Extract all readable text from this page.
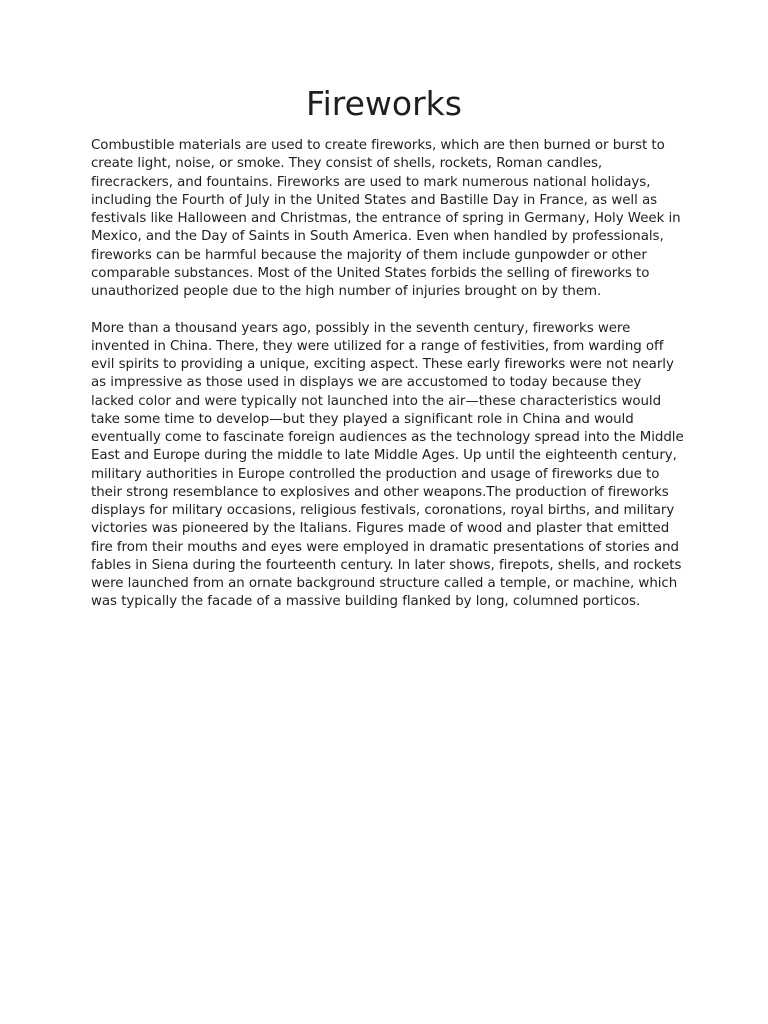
Fireworks

Combustible materials are used to create fireworks, which are then burned or burst to create light, noise, or smoke. They consist of shells, rockets, Roman candles, firecrackers, and fountains. Fireworks are used to mark numerous national holidays, including the Fourth of July in the United States and Bastille Day in France, as well as festivals like Halloween and Christmas, the entrance of spring in Germany, Holy Week in Mexico, and the Day of Saints in South America. Even when handled by professionals, fireworks can be harmful because the majority of them include gunpowder or other comparable substances. Most of the United States forbids the selling of fireworks to unauthorized people due to the high number of injuries brought on by them.

More than a thousand years ago, possibly in the seventh century, fireworks were invented in China. There, they were utilized for a range of festivities, from warding off evil spirits to providing a unique, exciting aspect. These early fireworks were not nearly as impressive as those used in displays we are accustomed to today because they lacked color and were typically not launched into the air—these characteristics would take some time to develop—but they played a significant role in China and would eventually come to fascinate foreign audiences as the technology spread into the Middle East and Europe during the middle to late Middle Ages. Up until the eighteenth century, military authorities in Europe controlled the production and usage of fireworks due to their strong resemblance to explosives and other weapons.The production of fireworks displays for military occasions, religious festivals, coronations, royal births, and military victories was pioneered by the Italians. Figures made of wood and plaster that emitted fire from their mouths and eyes were employed in dramatic presentations of stories and fables in Siena during the fourteenth century. In later shows, firepots, shells, and rockets were launched from an ornate background structure called a temple, or machine, which was typically the facade of a massive building flanked by long, columned porticos.
